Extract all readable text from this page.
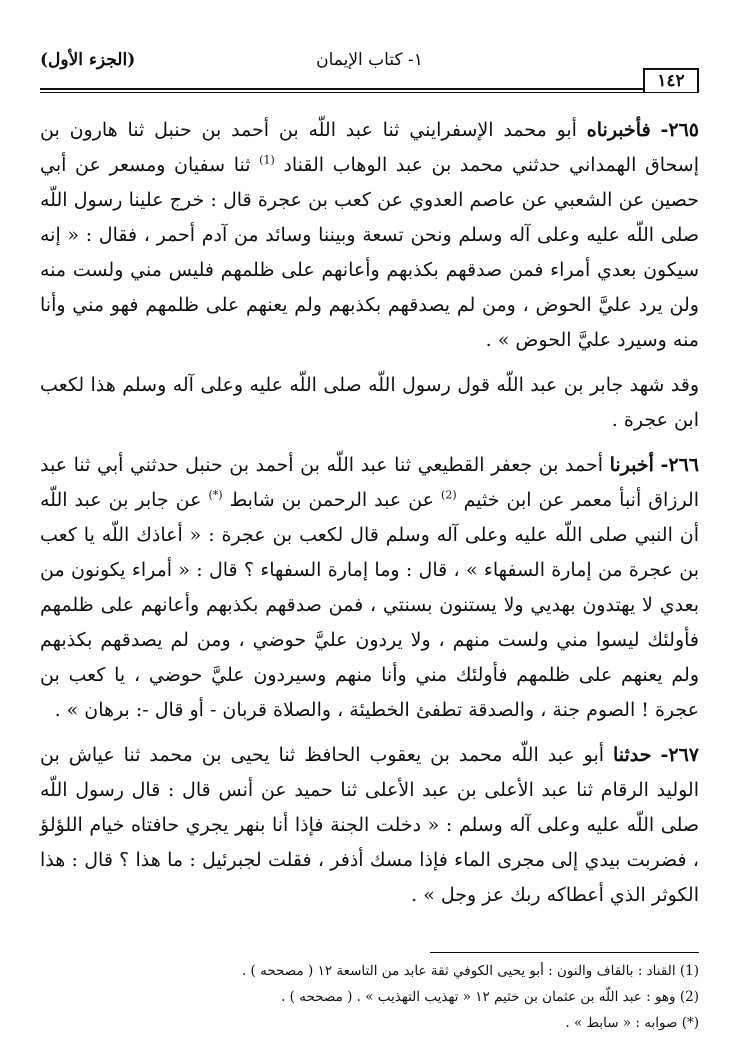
(الجزء الأول)	١- كتاب الإيمان
١٤٢

٢٦٥- فأخبرناه أبو محمد الإسفرايني ثنا عبد اللّه بن أحمد بن حنبل ثنا هارون بن إسحاق الهمداني حدثني محمد بن عبد الوهاب القناد $^{(1)}$ ثنا سفيان ومسعر عن أبي حصين عن الشعبي عن عاصم العدوي عن كعب بن عجرة قال : خرج علينا رسول اللّه صلى اللّه عليه وعلى آله وسلم ونحن تسعة وبيننا وسائد من آدم أحمر ، فقال : « إنه سيكون بعدي أمراء فمن صدقهم بكذبهم وأعانهم على ظلمهم فليس مني ولست منه ولن يرد عليَّ الحوض ، ومن لم يصدقهم بكذبهم ولم يعنهم على ظلمهم فهو مني وأنا منه وسيرد عليَّ الحوض » .

وقد شهد جابر بن عبد اللّه قول رسول اللّه صلى اللّه عليه وعلى آله وسلم هذا لكعب ابن عجرة .

٢٦٦- أخبرنا أحمد بن جعفر القطيعي ثنا عبد اللّه بن أحمد بن حنبل حدثني أبي ثنا عبد الرزاق أنبأ معمر عن ابن خثيم $^{(2)}$ عن عبد الرحمن بن شابط (*) عن جابر بن عبد اللّه أن النبي صلى اللّه عليه وعلى آله وسلم قال لكعب بن عجرة : « أعاذك اللّه يا كعب بن عجرة من إمارة السفهاء » ، قال : وما إمارة السفهاء ؟ قال : « أمراء يكونون من بعدي لا يهتدون بهديي ولا يستنون بسنتي ، فمن صدقهم بكذبهم وأعانهم على ظلمهم فأولئك ليسوا مني ولست منهم ، ولا يردون عليَّ حوضي ، ومن لم يصدقهم بكذبهم ولم يعنهم على ظلمهم فأولئك مني وأنا منهم وسيردون عليَّ حوضي ، يا كعب بن عجرة ! الصوم جنة ، والصدقة تطفئ الخطيئة ، والصلاة قربان - أو قال -: برهان » .

٢٦٧- حدثنا أبو عبد اللّه محمد بن يعقوب الحافظ ثنا يحيى بن محمد ثنا عياش بن الوليد الرقام ثنا عبد الأعلى بن عبد الأعلى ثنا حميد عن أنس قال : قال رسول اللّه صلى اللّه عليه وعلى آله وسلم : « دخلت الجنة فإذا أنا بنهر يجري حافتاه خيام اللؤلؤ ، فضربت بيدي إلى مجرى الماء فإذا مسك أذفر ، فقلت لجبرئيل : ما هذا ؟ قال : هذا الكوثر الذي أعطاكه ربك عز وجل » .

(1) القناد : بالقاف والنون : أبو يحيى الكوفي ثقة عابد من التاسعة ١٢ ( مصححه ) .
(2) وهو : عبد اللّه بن عثمان بن خثيم ١٢ « تهذيب التهذيب » . ( مصححه ) .
(*) صوابه : « سابط » .
